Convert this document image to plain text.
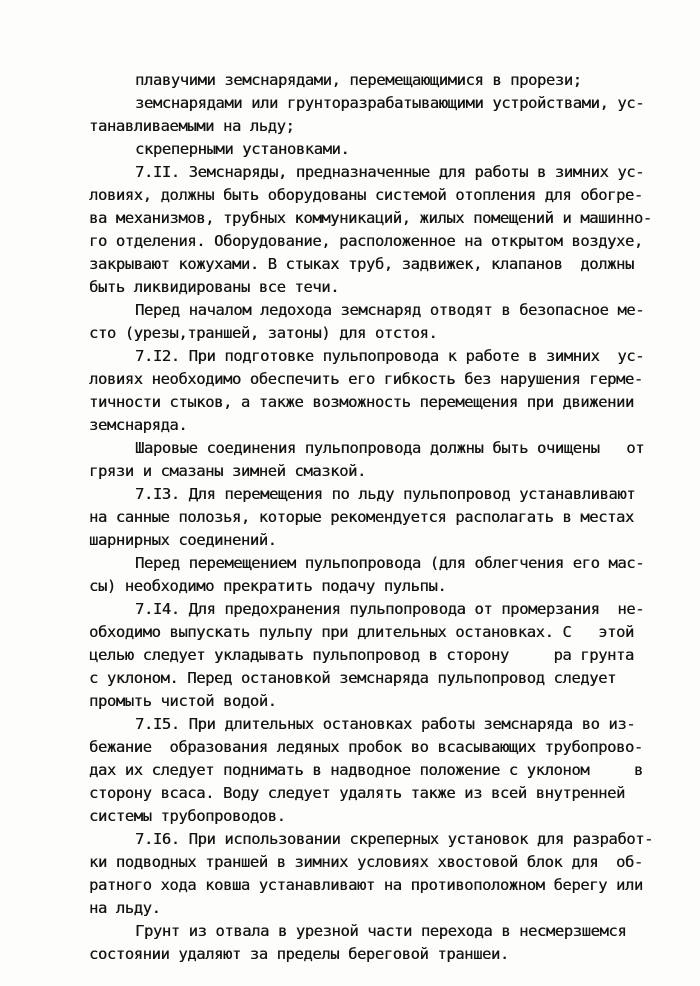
плавучими земснарядами, перемещающимися в прорези;
земснарядами или грунторазрабатывающими устройствами, ус-
танавливаемыми на льду;
скреперными установками.
7.II. Земснаряды, предназначенные для работы в зимних ус-
ловиях, должны быть оборудованы системой отопления для обогре-
ва механизмов, трубных коммуникаций, жилых помещений и машинно-
го отделения. Оборудование, расположенное на открытом воздухе,
закрывают кожухами. В стыках труб, задвижек, клапанов  должны
быть ликвидированы все течи.
Перед началом ледохода земснаряд отводят в безопасное ме-
сто (урезы,траншей, затоны) для отстоя.
7.I2. При подготовке пульпопровода к работе в зимних  ус-
ловиях необходимо обеспечить его гибкость без нарушения герме-
тичности стыков, а также возможность перемещения при движении
земснаряда.
Шаровые соединения пульпопровода должны быть очищены   от
грязи и смазаны зимней смазкой.
7.I3. Для перемещения по льду пульпопровод устанавливают
на санные полозья, которые рекомендуется располагать в местах
шарнирных соединений.
Перед перемещением пульпопровода (для облегчения его мас-
сы) необходимо прекратить подачу пульпы.
7.I4. Для предохранения пульпопровода от промерзания  не-
обходимо выпускать пульпу при длительных остановках. С   этой
целью следует укладывать пульпопровод в сторону     ра грунта
с уклоном. Перед остановкой земснаряда пульпопровод следует
промыть чистой водой.
7.I5. При длительных остановках работы земснаряда во из-
бежание  образования ледяных пробок во всасывающих трубопрово-
дах их следует поднимать в надводное положение с уклоном     в
сторону всаса. Воду следует удалять также из всей внутренней
системы трубопроводов.
7.I6. При использовании скреперных установок для разработ-
ки подводных траншей в зимних условиях хвостовой блок для  об-
ратного хода ковша устанавливают на противоположном берегу или
на льду.
Грунт из отвала в урезной части перехода в несмерзшемся
состоянии удаляют за пределы береговой траншеи.
